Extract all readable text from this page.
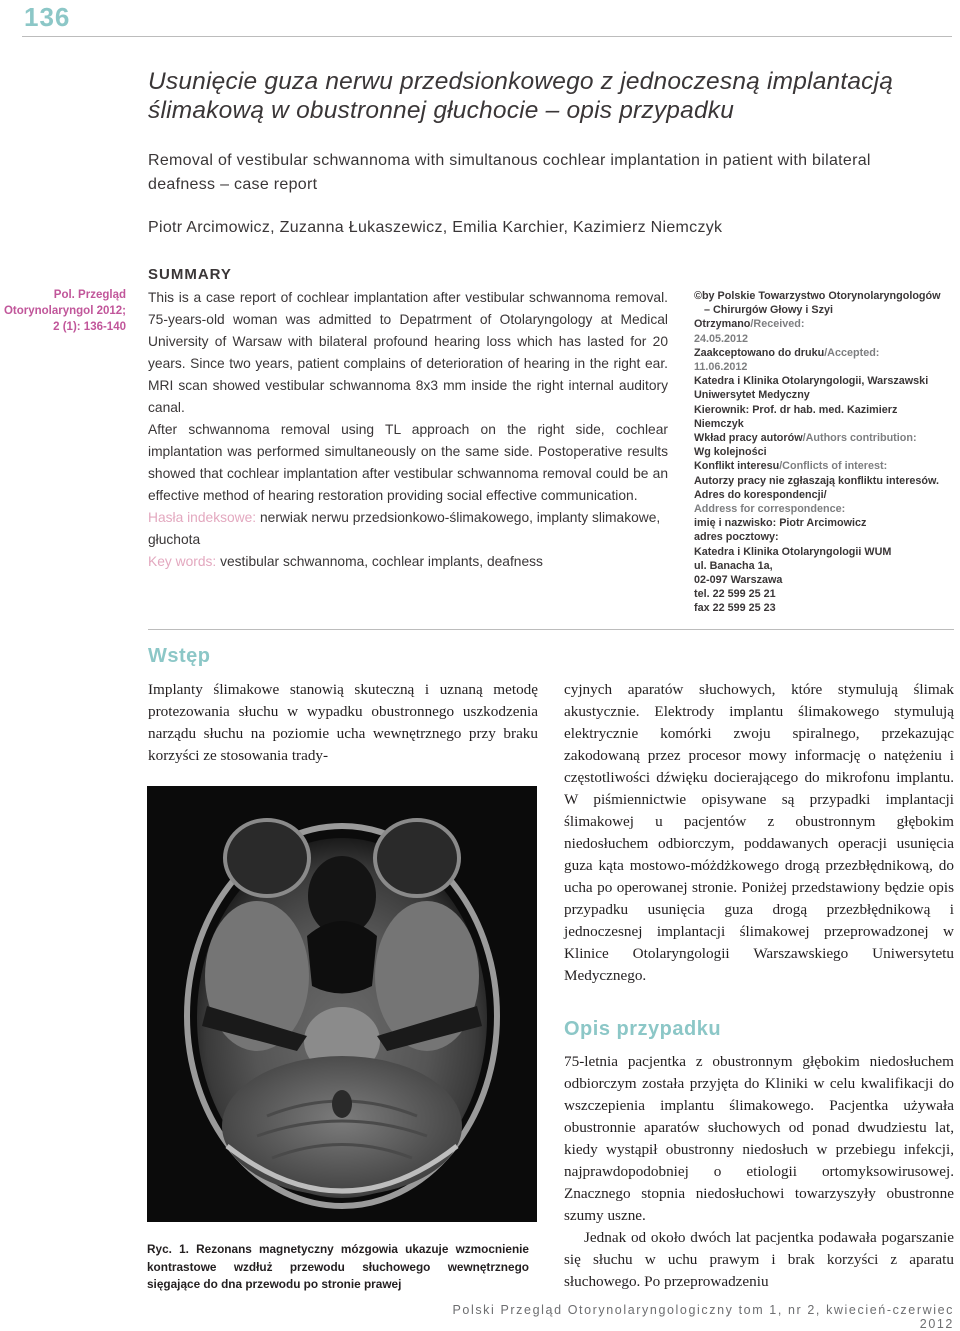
136
Usunięcie guza nerwu przedsionkowego z jednoczesną implantacją ślimakową w obustronnej głuchocie – opis przypadku
Removal of vestibular schwannoma with simultanous cochlear implantation in patient with bilateral deafness – case report
Piotr Arcimowicz, Zuzanna Łukaszewicz, Emilia Karchier, Kazimierz Niemczyk
Pol. Przegląd
Otorynolaryngol 2012;
2 (1): 136-140
SUMMARY

This is a case report of cochlear implantation after vestibular schwannoma removal. 75-years-old woman was admitted to Depatrment of Otolaryngology at Medical University of Warsaw with bilateral profound hearing loss which has lasted for 20 years. Since two years, patient complains of deterioration of hearing in the right ear. MRI scan showed vestibular schwannoma 8x3 mm inside the right internal auditory canal.

After schwannoma removal using TL approach on the right side, cochlear implantation was performed simultaneously on the same side. Postoperative results showed that cochlear implantation after vestibular schwannoma removal could be an effective method of hearing restoration providing social effective communication.

Hasła indeksowe: nerwiak nerwu przedsionkowo-ślimakowego, implanty slimakowe, głuchota

Key words: vestibular schwannoma, cochlear implants, deafness

©by Polskie Towarzystwo Otorynolaryngologów
– Chirurgów Głowy i Szyi
Otrzymano/Received:
24.05.2012
Zaakceptowano do druku/Accepted:
11.06.2012
Katedra i Klinika Otolaryngologii, Warszawski
Uniwersytet Medyczny
Kierownik: Prof. dr hab. med. Kazimierz
Niemczyk
Wkład pracy autorów/Authors contribution:
Wg kolejności
Konflikt interesu/Conflicts of interest:
Autorzy pracy nie zgłaszają konfliktu interesów.
Adres do korespondencji/
Address for correspondence:
imię i nazwisko: Piotr Arcimowicz
adres pocztowy:
Katedra i Klinika Otolaryngologii WUM
ul. Banacha 1a,
02-097 Warszawa
tel. 22 599 25 21
fax 22 599 25 23
Wstęp
Implanty ślimakowe stanowią skuteczną i uznaną metodę protezowania słuchu w wypadku obustronnego uszkodzenia narządu słuchu na poziomie ucha wewnętrznego przy braku korzyści ze stosowania trady-
Ryc. 1. Rezonans magnetyczny mózgowia ukazuje wzmocnienie kontrastowe wzdłuż przewodu słuchowego wewnętrznego sięgające do dna przewodu po stronie prawej
cyjnych aparatów słuchowych, które stymulują ślimak akustycznie. Elektrody implantu ślimakowego stymulują elektrycznie komórki zwoju spiralnego, przekazując zakodowaną przez procesor mowy informację o natężeniu i częstotliwości dźwięku docierającego do mikrofonu implantu. W piśmiennictwie opisywane są przypadki implantacji ślimakowej u pacjentów z obustronnym głębokim niedosłuchem odbiorczym, poddawanych operacji usunięcia guza kąta mostowo-móżdżkowego drogą przezbłędnikową, do ucha po operowanej stronie. Poniżej przedstawiony będzie opis przypadku usunięcia guza drogą przezbłędnikową i jednoczesnej implantacji ślimakowej przeprowadzonej w Klinice Otolaryngologii Warszawskiego Uniwersytetu Medycznego.
Opis przypadku

75-letnia pacjentka z obustronnym głębokim niedosłuchem odbiorczym została przyjęta do Kliniki w celu kwalifikacji do wszczepienia implantu ślimakowego. Pacjentka używała obustronnie aparatów słuchowych od ponad dwudziestu lat, kiedy wystąpił obustronny niedosłuch w przebiegu infekcji, najprawdopodobniej o etiologii ortomyksowirusowej. Znacznego stopnia niedosłuchowi towarzyszyły obustronne szumy uszne.

Jednak od około dwóch lat pacjentka podawała pogarszanie się słuchu w uchu prawym i brak korzyści z aparatu słuchowego. Po przeprowadzeniu

Polski Przegląd Otorynolaryngologiczny tom 1, nr 2, kwiecień-czerwiec 2012
